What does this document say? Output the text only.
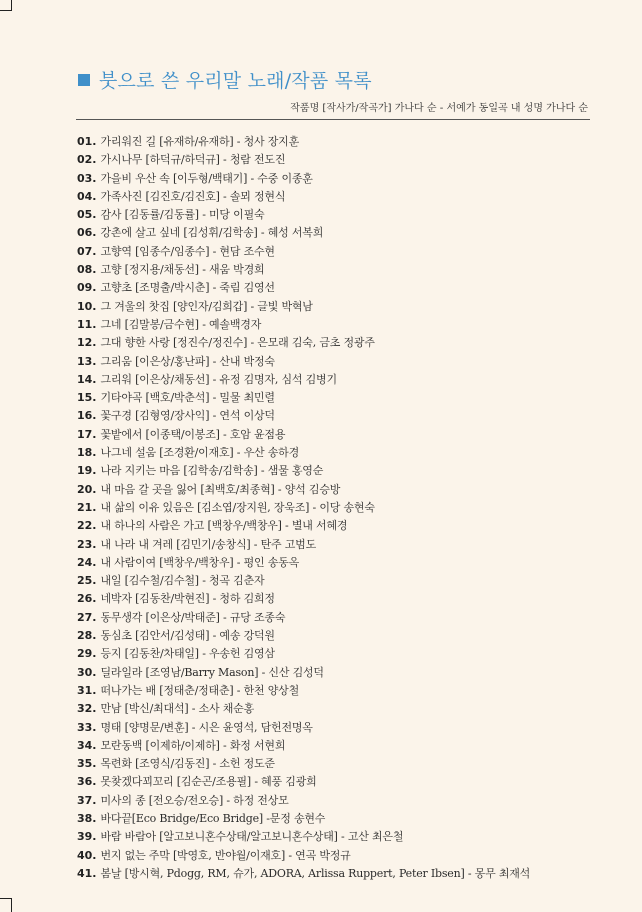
붓으로 쓴 우리말 노래/작품 목록
작품명 [작사가/작곡가] 가나다 순 - 서예가 동일곡 내 성명 가나다 순
01. 가리워진 길 [유재하/유재하] - 청사 장지훈
02. 가시나무 [하덕규/하덕규] - 청람 전도진
03. 가을비 우산 속 [이두형/백태기] - 수중 이종훈
04. 가족사진 [김진호/김진호] - 솔뫼 정현식
05. 감사 [김동률/김동률] - 미당 이필숙
06. 강촌에 살고 싶네 [김성휘/김학송] - 혜성 서복희
07. 고향역 [임종수/임종수] - 현담 조수현
08. 고향 [정지용/채동선] - 새움 박경희
09. 고향초 [조명출/박시춘] - 죽림 김영선
10. 그 겨울의 찻집 [양인자/김희갑] - 글빛 박혁남
11. 그네 [김말봉/금수현] - 예솔백경자
12. 그대 향한 사랑 [정진수/정진수] - 은모래 김숙, 금초 정광주
13. 그리움 [이은상/홍난파] - 산내 박정숙
14. 그리워 [이은상/채동선] - 유정 김명자, 심석 김병기
15. 기타야곡 [백호/박춘석] - 밀물 최민렬
16. 꽃구경 [김형영/장사익] - 연석 이상덕
17. 꽃밭에서 [이종택/이봉조] - 호암 윤점용
18. 나그네 설움 [조경환/이재호] - 우산 송하경
19. 나라 지키는 마음 [김학송/김학송] - 샘물 홍영순
20. 내 마음 갈 곳을 잃어 [최백호/최종혁] - 양석 김승방
21. 내 삶의 이유 있음은 [김소엽/장지원, 장욱조] - 이당 송현숙
22. 내 하나의 사람은 가고 [백창우/백창우] - 별내 서혜경
23. 내 나라 내 겨레 [김민기/송창식] - 탄주 고범도
24. 내 사람이여 [백창우/백창우] - 평인 송동옥
25. 내일 [김수철/김수철] - 청곡 김춘자
26. 네박자 [김동찬/박현진] - 청하 김희정
27. 동무생각 [이은상/박태준] - 규당 조종숙
28. 동심초 [김안서/김성태] - 예송 강덕원
29. 등지 [김동찬/차태일] - 우송헌 김영삼
30. 딜라일라 [조영남/Barry Mason] - 신산 김성덕
31. 떠나가는 배 [정태춘/정태춘] - 한천 양상철
32. 만남 [박신/최대석] - 소사 채순홍
33. 명태 [양명문/변훈] - 시은 윤영석, 담헌전명옥
34. 모란동백 [이제하/이제하] - 화정 서현희
35. 목련화 [조영식/김동진] - 소헌 정도준
36. 못찾겠다꾀꼬리 [김순곤/조용필] - 혜풍 김광희
37. 미사의 종 [전오승/전오승] - 하정 전상모
38. 바다끝[Eco Bridge/Eco Bridge] -문정 송현수
39. 바람 바람아 [알고보니혼수상태/알고보니혼수상태] - 고산 최은철
40. 번지 없는 주막 [박영호, 반야월/이재호] - 연곡 박정규
41. 봄날 [방시혁, Pdogg, RM, 슈가, ADORA, Arlissa Ruppert, Peter Ibsen] - 몽무 최재석
